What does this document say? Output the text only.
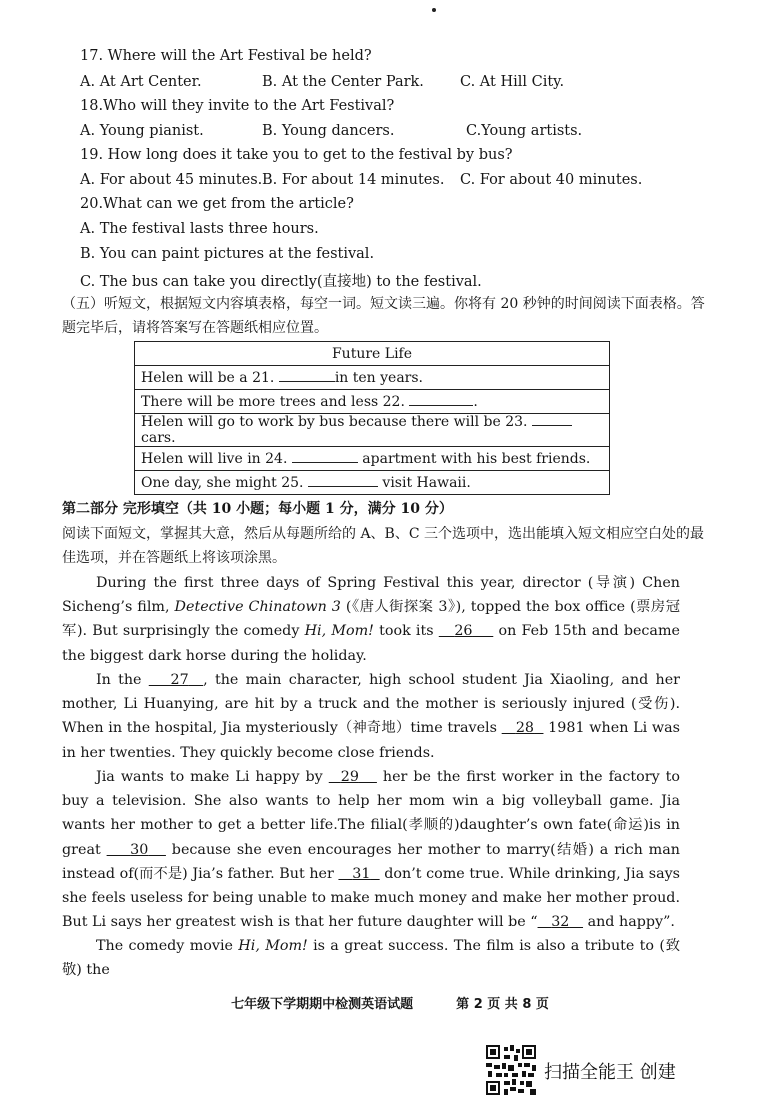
17. Where will the Art Festival be held?
A. At Art Center.	B. At the Center Park. C. At Hill City.
18.Who will they invite to the Art Festival?
A. Young pianist.	B. Young dancers.	C.Young artists.
19. How long does it take you to get to the festival by bus?
A. For about 45 minutes. B. For about 14 minutes. C. For about 40 minutes.
20.What can we get from the article?
A. The festival lasts three hours.
B. You can paint pictures at the festival.
C. The bus can take you directly(直接地) to the festival.
（五）听短文，根据短文内容填表格，每空一词。短文读三遍。你将有 20 秒钟的时间阅读下面表格。答题完毕后，请将答案写在答题纸相应位置。
Future Life
Helen will be a 21.	in ten years.
There will be more trees and less 22.	.
Helen will go to work by bus because there will be 23.  cars.
Helen will live in 24.	apartment with his best friends.
One day, she might 25.	visit Hawaii.
第二部分 完形填空（共 10 小题；每小题 1 分，满分 10 分）
阅读下面短文，掌握其大意，然后从每题所给的 A、B、C 三个选项中，选出能填入短文相应空白处的最佳选项，并在答题纸上将该项涂黑。
During the first three days of Spring Festival this year, director (导演) Chen Sicheng’s film, Detective Chinatown 3 (《唐人街探案 3》), topped the box office (票房冠军). But surprisingly the comedy Hi, Mom! took its    26     on Feb 15th and became the biggest dark horse during the holiday.
In the    27 , the main character, high school student Jia Xiaoling, and her mother, Li Huanying, are hit by a truck and the mother is seriously injured (受伤). When in the hospital, Jia mysteriously（神奇地）time travels    28   1981 when Li was in her twenties. They quickly become close friends.
Jia wants to make Li happy by   29    her be the first worker in the factory to buy a television. She also wants to help her mom win a big volleyball game. Jia wants her mother to get a better life.The filial(孝顺的)daughter’s own fate(命运)is in great     30    because she even encourages her mother to marry(结婚) a rich man instead of(而不是) Jia’s father. But her    31   don’t come true. While drinking, Jia says she feels useless for being unable to make much money and make her mother proud. But Li says her greatest wish is that her future daughter will be “ 32    and happy”.
The comedy movie Hi, Mom! is a great success. The film is also a tribute to (致敬) the
七年级下学期期中检测英语试题	第 2 页 共 8 页
扫描全能王 创建
